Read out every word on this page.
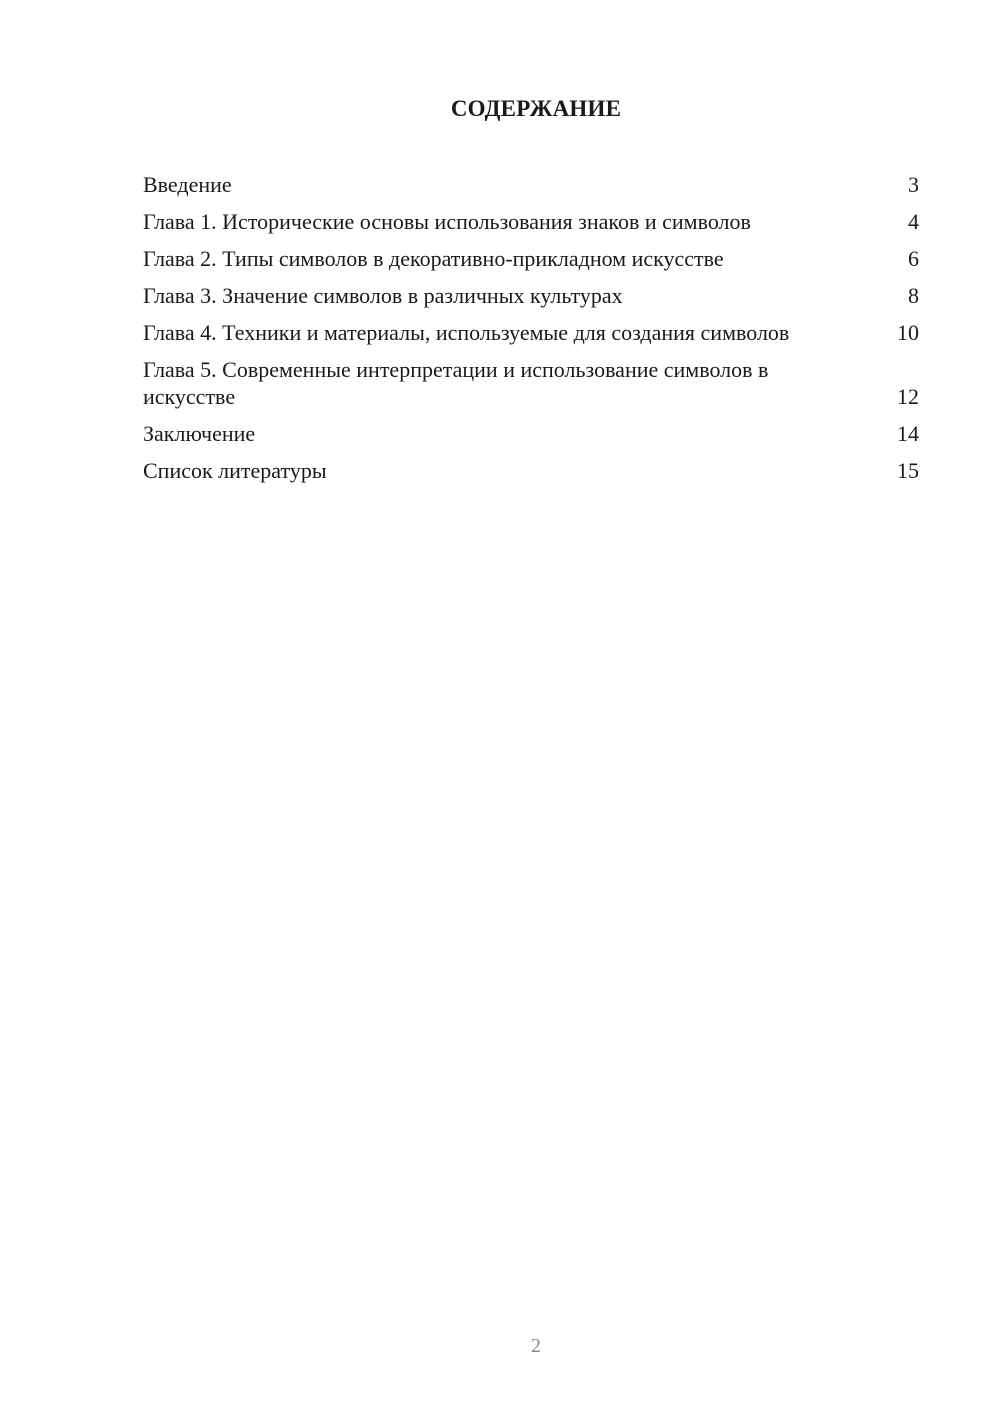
СОДЕРЖАНИЕ
Введение	3
Глава 1. Исторические основы использования знаков и символов	4
Глава 2. Типы символов в декоративно-прикладном искусстве	6
Глава 3. Значение символов в различных культурах	8
Глава 4. Техники и материалы, используемые для создания символов	10
Глава 5. Современные интерпретации и использование символов в искусстве	12
Заключение	14
Список литературы	15
2
